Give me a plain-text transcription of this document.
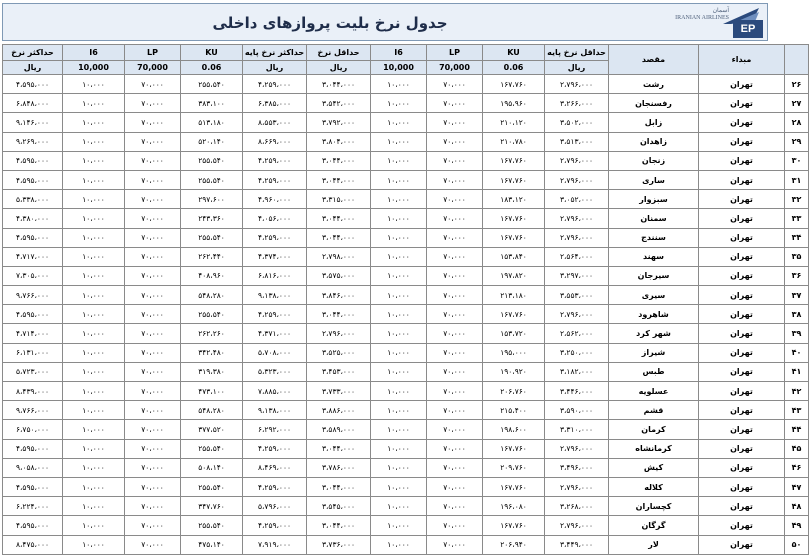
جدول نرخ بلیت پروازهای داخلی	EP
آسمان
IRANIAN AIRLINES
حداکثر نرخ	I6	LP	KU	حداکثر نرخ پایه	حداقل نرخ	I6	LP	KU	حداقل نرخ پایه	مقصد	مبداء	
ریال	10,000	70,000	0.06	ریال	ریال	10,000	70,000	0.06	ریال			
۴،۵۹۵،۰۰۰	۱۰،۰۰۰	۷۰،۰۰۰	۲۵۵،۵۴۰	۴،۲۵۹،۰۰۰	۳،۰۴۴،۰۰۰	۱۰،۰۰۰	۷۰،۰۰۰	۱۶۷،۷۶۰	۲،۷۹۶،۰۰۰	رشت	تهران	۲۶
۶،۸۴۸،۰۰۰	۱۰،۰۰۰	۷۰،۰۰۰	۳۸۳،۱۰۰	۶،۳۸۵،۰۰۰	۳،۵۴۲،۰۰۰	۱۰،۰۰۰	۷۰،۰۰۰	۱۹۵،۹۶۰	۳،۲۶۶،۰۰۰	رفسنجان	تهران	۲۷
۹،۱۴۶،۰۰۰	۱۰،۰۰۰	۷۰،۰۰۰	۵۱۳،۱۸۰	۸،۵۵۳،۰۰۰	۳،۷۹۲،۰۰۰	۱۰،۰۰۰	۷۰،۰۰۰	۲۱۰،۱۲۰	۳،۵۰۲،۰۰۰	زابل	تهران	۲۸
۹،۲۶۹،۰۰۰	۱۰،۰۰۰	۷۰،۰۰۰	۵۲۰،۱۴۰	۸،۶۶۹،۰۰۰	۳،۸۰۴،۰۰۰	۱۰،۰۰۰	۷۰،۰۰۰	۲۱۰،۷۸۰	۳،۵۱۳،۰۰۰	زاهدان	تهران	۲۹
۴،۵۹۵،۰۰۰	۱۰،۰۰۰	۷۰،۰۰۰	۲۵۵،۵۴۰	۴،۲۵۹،۰۰۰	۳،۰۴۴،۰۰۰	۱۰،۰۰۰	۷۰،۰۰۰	۱۶۷،۷۶۰	۲،۷۹۶،۰۰۰	زنجان	تهران	۳۰
۴،۵۹۵،۰۰۰	۱۰،۰۰۰	۷۰،۰۰۰	۲۵۵،۵۴۰	۴،۲۵۹،۰۰۰	۳،۰۴۴،۰۰۰	۱۰،۰۰۰	۷۰،۰۰۰	۱۶۷،۷۶۰	۲،۷۹۶،۰۰۰	ساری	تهران	۳۱
۵،۳۳۸،۰۰۰	۱۰،۰۰۰	۷۰،۰۰۰	۲۹۷،۶۰۰	۴،۹۶۰،۰۰۰	۳،۳۱۵،۰۰۰	۱۰،۰۰۰	۷۰،۰۰۰	۱۸۳،۱۲۰	۳،۰۵۲،۰۰۰	سبزوار	تهران	۳۲
۴،۳۸۰،۰۰۰	۱۰،۰۰۰	۷۰،۰۰۰	۲۴۳،۳۶۰	۴،۰۵۶،۰۰۰	۳،۰۴۴،۰۰۰	۱۰،۰۰۰	۷۰،۰۰۰	۱۶۷،۷۶۰	۲،۷۹۶،۰۰۰	سمنان	تهران	۳۳
۴،۵۹۵،۰۰۰	۱۰،۰۰۰	۷۰،۰۰۰	۲۵۵،۵۴۰	۴،۲۵۹،۰۰۰	۳،۰۴۴،۰۰۰	۱۰،۰۰۰	۷۰،۰۰۰	۱۶۷،۷۶۰	۲،۷۹۶،۰۰۰	سنندج	تهران	۳۴
۴،۷۱۷،۰۰۰	۱۰،۰۰۰	۷۰،۰۰۰	۲۶۲،۴۴۰	۴،۳۷۴،۰۰۰	۲،۷۹۸،۰۰۰	۱۰،۰۰۰	۷۰،۰۰۰	۱۵۳،۸۴۰	۲،۵۶۴،۰۰۰	سهند	تهران	۳۵
۷،۳۰۵،۰۰۰	۱۰،۰۰۰	۷۰،۰۰۰	۴۰۸،۹۶۰	۶،۸۱۶،۰۰۰	۳،۵۷۵،۰۰۰	۱۰،۰۰۰	۷۰،۰۰۰	۱۹۷،۸۲۰	۳،۲۹۷،۰۰۰	سیرجان	تهران	۳۶
۹،۷۶۶،۰۰۰	۱۰،۰۰۰	۷۰،۰۰۰	۵۴۸،۲۸۰	۹،۱۳۸،۰۰۰	۳،۸۴۶،۰۰۰	۱۰،۰۰۰	۷۰،۰۰۰	۲۱۳،۱۸۰	۳،۵۵۳،۰۰۰	سیری	تهران	۳۷
۴،۵۹۵،۰۰۰	۱۰،۰۰۰	۷۰،۰۰۰	۲۵۵،۵۴۰	۴،۲۵۹،۰۰۰	۳،۰۴۴،۰۰۰	۱۰،۰۰۰	۷۰،۰۰۰	۱۶۷،۷۶۰	۲،۷۹۶،۰۰۰	شاهرود	تهران	۳۸
۴،۷۱۴،۰۰۰	۱۰،۰۰۰	۷۰،۰۰۰	۲۶۲،۲۶۰	۴،۳۷۱،۰۰۰	۲،۷۹۶،۰۰۰	۱۰،۰۰۰	۷۰،۰۰۰	۱۵۳،۷۲۰	۲،۵۶۲،۰۰۰	شهر کرد	تهران	۳۹
۶،۱۳۱،۰۰۰	۱۰،۰۰۰	۷۰،۰۰۰	۳۴۲،۴۸۰	۵،۷۰۸،۰۰۰	۳،۵۲۵،۰۰۰	۱۰،۰۰۰	۷۰،۰۰۰	۱۹۵،۰۰۰	۳،۲۵۰،۰۰۰	شیراز	تهران	۴۰
۵،۷۲۳،۰۰۰	۱۰،۰۰۰	۷۰،۰۰۰	۳۱۹،۳۸۰	۵،۳۲۳،۰۰۰	۳،۴۵۳،۰۰۰	۱۰،۰۰۰	۷۰،۰۰۰	۱۹۰،۹۲۰	۳،۱۸۲،۰۰۰	طبس	تهران	۴۱
۸،۴۳۹،۰۰۰	۱۰،۰۰۰	۷۰،۰۰۰	۴۷۳،۱۰۰	۷،۸۸۵،۰۰۰	۳،۷۳۳،۰۰۰	۱۰،۰۰۰	۷۰،۰۰۰	۲۰۶،۷۶۰	۳،۴۴۶،۰۰۰	عسلویه	تهران	۴۲
۹،۷۶۶،۰۰۰	۱۰،۰۰۰	۷۰،۰۰۰	۵۴۸،۲۸۰	۹،۱۳۸،۰۰۰	۳،۸۸۶،۰۰۰	۱۰،۰۰۰	۷۰،۰۰۰	۲۱۵،۴۰۰	۳،۵۹۰،۰۰۰	قشم	تهران	۴۳
۶،۷۵۰،۰۰۰	۱۰،۰۰۰	۷۰،۰۰۰	۳۷۷،۵۲۰	۶،۲۹۲،۰۰۰	۳،۵۸۹،۰۰۰	۱۰،۰۰۰	۷۰،۰۰۰	۱۹۸،۶۰۰	۳،۳۱۰،۰۰۰	کرمان	تهران	۴۴
۴،۵۹۵،۰۰۰	۱۰،۰۰۰	۷۰،۰۰۰	۲۵۵،۵۴۰	۴،۲۵۹،۰۰۰	۳،۰۴۴،۰۰۰	۱۰،۰۰۰	۷۰،۰۰۰	۱۶۷،۷۶۰	۲،۷۹۶،۰۰۰	کرمانشاه	تهران	۴۵
۹،۰۵۸،۰۰۰	۱۰،۰۰۰	۷۰،۰۰۰	۵۰۸،۱۴۰	۸،۴۶۹،۰۰۰	۳،۷۸۶،۰۰۰	۱۰،۰۰۰	۷۰،۰۰۰	۲۰۹،۷۶۰	۳،۴۹۶،۰۰۰	کیش	تهران	۴۶
۴،۵۹۵،۰۰۰	۱۰،۰۰۰	۷۰،۰۰۰	۲۵۵،۵۴۰	۴،۲۵۹،۰۰۰	۳،۰۴۴،۰۰۰	۱۰،۰۰۰	۷۰،۰۰۰	۱۶۷،۷۶۰	۲،۷۹۶،۰۰۰	کلاله	تهران	۴۷
۶،۲۲۴،۰۰۰	۱۰،۰۰۰	۷۰،۰۰۰	۳۴۷،۷۶۰	۵،۷۹۶،۰۰۰	۳،۵۴۵،۰۰۰	۱۰،۰۰۰	۷۰،۰۰۰	۱۹۶،۰۸۰	۳،۲۶۸،۰۰۰	کچساران	تهران	۴۸
۴،۵۹۵،۰۰۰	۱۰،۰۰۰	۷۰،۰۰۰	۲۵۵،۵۴۰	۴،۲۵۹،۰۰۰	۳،۰۴۴،۰۰۰	۱۰،۰۰۰	۷۰،۰۰۰	۱۶۷،۷۶۰	۲،۷۹۶،۰۰۰	گرگان	تهران	۴۹
۸،۴۷۵،۰۰۰	۱۰،۰۰۰	۷۰،۰۰۰	۴۷۵،۱۴۰	۷،۹۱۹،۰۰۰	۳،۷۳۶،۰۰۰	۱۰،۰۰۰	۷۰،۰۰۰	۲۰۶،۹۴۰	۳،۴۴۹،۰۰۰	لار	تهران	۵۰
